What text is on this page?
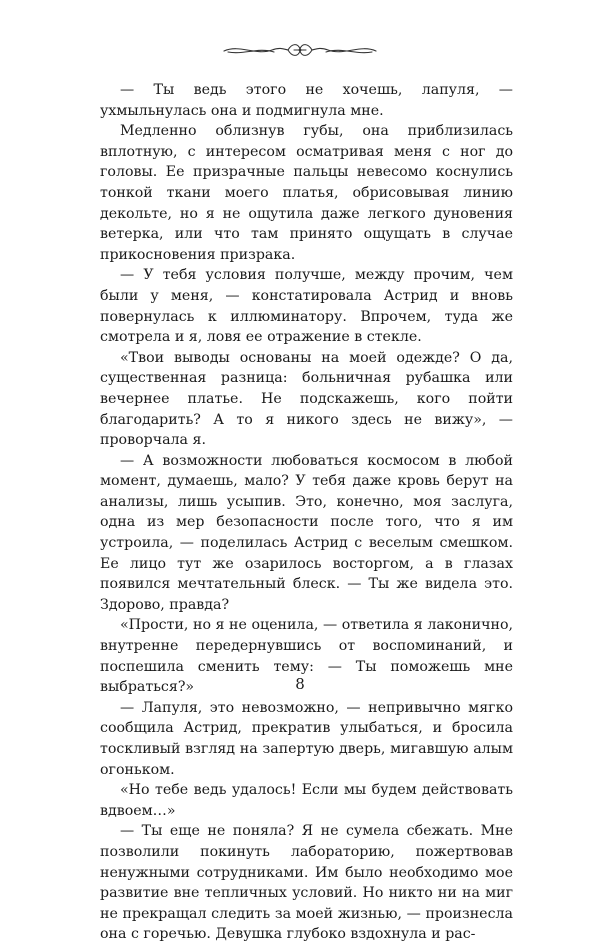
— Ты ведь этого не хочешь, лапуля, — ухмыльнулась она и подмигнула мне.

Медленно облизнув губы, она приблизилась вплотную, с интересом осматривая меня с ног до головы. Ее призрачные пальцы невесомо коснулись тонкой ткани моего платья, обрисовывая линию декольте, но я не ощутила даже легкого дуновения ветерка, или что там принято ощущать в случае прикосновения призрака.

— У тебя условия получше, между прочим, чем были у меня, — констатировала Астрид и вновь повернулась к иллюминатору. Впрочем, туда же смотрела и я, ловя ее отражение в стекле.

«Твои выводы основаны на моей одежде? О да, существенная разница: больничная рубашка или вечернее платье. Не подскажешь, кого пойти благодарить? А то я никого здесь не вижу», — проворчала я.

— А возможности любоваться космосом в любой момент, думаешь, мало? У тебя даже кровь берут на анализы, лишь усыпив. Это, конечно, моя заслуга, одна из мер безопасности после того, что я им устроила, — поделилась Астрид с веселым смешком. Ее лицо тут же озарилось восторгом, а в глазах появился мечтательный блеск. — Ты же видела это. Здорово, правда?

«Прости, но я не оценила, — ответила я лаконично, внутренне передернувшись от воспоминаний, и поспешила сменить тему: — Ты поможешь мне выбраться?»

— Лапуля, это невозможно, — непривычно мягко сообщила Астрид, прекратив улыбаться, и бросила тоскливый взгляд на запертую дверь, мигавшую алым огоньком.

«Но тебе ведь удалось! Если мы будем действовать вдвоем…»

— Ты еще не поняла? Я не сумела сбежать. Мне позволили покинуть лабораторию, пожертвовав ненужными сотрудниками. Им было необходимо мое развитие вне тепличных условий. Но никто ни на миг не прекращал следить за моей жизнью, — произнесла она с горечью. Девушка глубоко вздохнула и рас-

8
